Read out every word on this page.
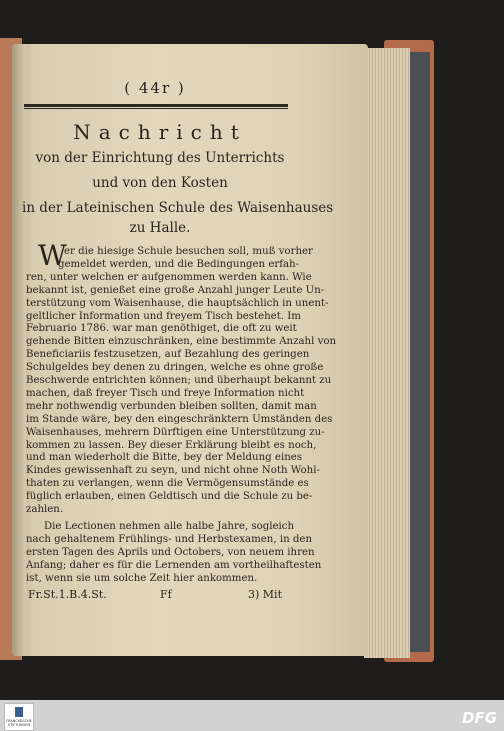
( 44r )
Nachricht
von der Einrichtung des Unterrichts
und von den Kosten
in der Lateinischen Schule des Waisenhauses
zu Halle.
W
er die hiesige Schule besuchen soll, muß vorher
gemeldet werden, und die Bedingungen erfah-
ren, unter welchen er aufgenommen werden kann. Wie
bekannt ist, genießet eine große Anzahl junger Leute Un-
terstützung vom Waisenhause, die hauptsächlich in unent-
geltlicher Information und freyem Tisch bestehet. Im
Februario 1786. war man genöthiget, die oft zu weit
gehende Bitten einzuschränken, eine bestimmte Anzahl von
Beneficiariis festzusetzen, auf Bezahlung des geringen
Schulgeldes bey denen zu dringen, welche es ohne große
Beschwerde entrichten können; und überhaupt bekannt zu
machen, daß freyer Tisch und freye Information nicht
mehr nothwendig verbunden bleiben sollten, damit man
im Stande wäre, bey den eingeschränktern Umständen des
Waisenhauses, mehrern Dürftigen eine Unterstützung zu-
kommen zu lassen. Bey dieser Erklärung bleibt es noch,
und man wiederholt die Bitte, bey der Meldung eines
Kindes gewissenhaft zu seyn, und nicht ohne Noth Wohl-
thaten zu verlangen, wenn die Vermögensumstände es
füglich erlauben, einen Geldtisch und die Schule zu be-
zahlen.
Die Lectionen nehmen alle halbe Jahre, sogleich
nach gehaltenem Frühlings- und Herbstexamen, in den
ersten Tagen des Aprils und Octobers, von neuem ihren
Anfang; daher es für die Lernenden am vortheilhaftesten
ist, wenn sie um solche Zeit hier ankommen.
Fr.St.1.B.4.St.	Ff	3) Mit
FRANCKESCHE STIFTUNGEN	DFG
